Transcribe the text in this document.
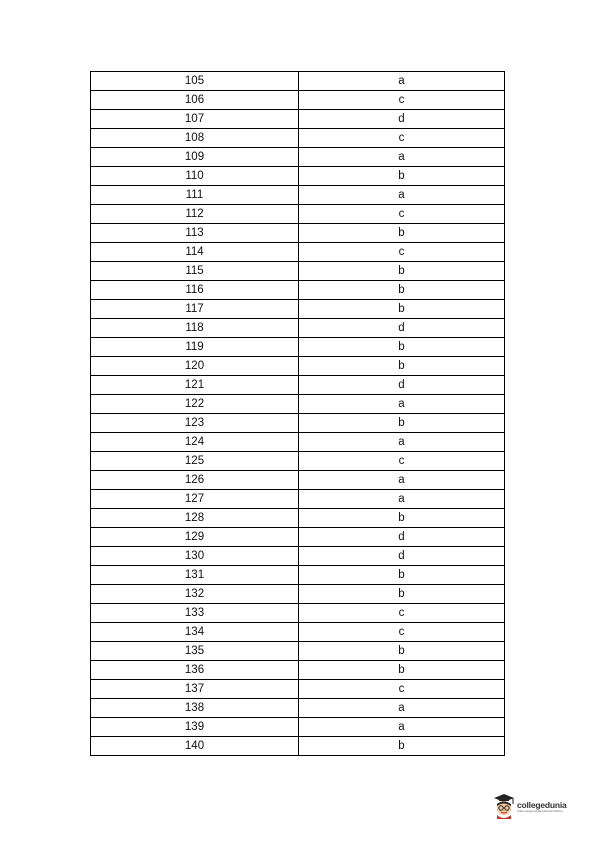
105	a
106	c
107	d
108	c
109	a
110	b
111	a
112	c
113	b
114	c
115	b
116	b
117	b
118	d
119	b
120	b
121	d
122	a
123	b
124	a
125	c
126	a
127	a
128	b
129	d
130	d
131	b
132	b
133	c
134	c
135	b
136	b
137	c
138	a
139	a
140	b
collegedunia
India's Largest Student Review Platform
